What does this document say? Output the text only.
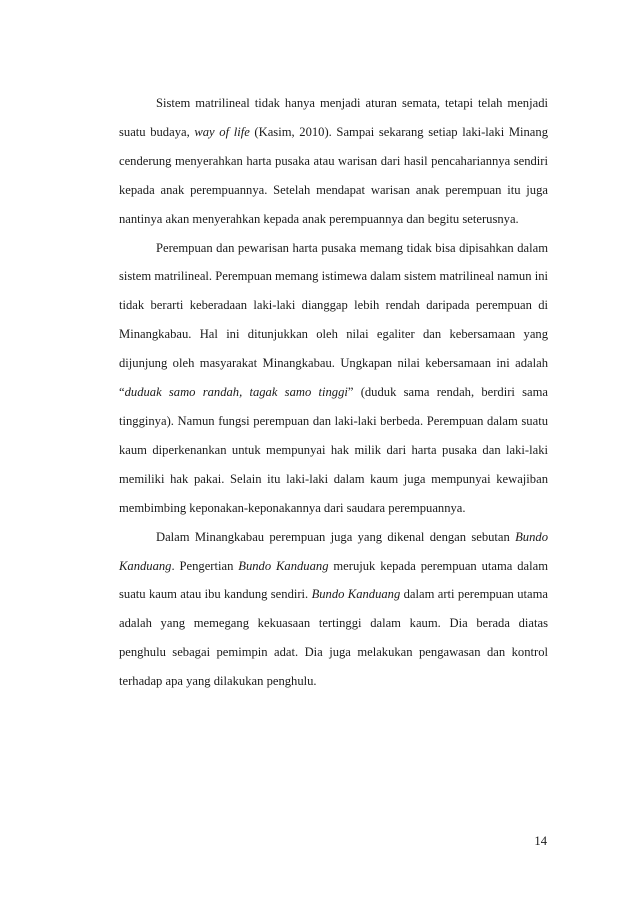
Sistem matrilineal tidak hanya menjadi aturan semata, tetapi telah menjadi suatu budaya, way of life (Kasim, 2010). Sampai sekarang setiap laki-laki Minang cenderung menyerahkan harta pusaka atau warisan dari hasil pencahariannya sendiri kepada anak perempuannya. Setelah mendapat warisan anak perempuan itu juga nantinya akan menyerahkan kepada anak perempuannya dan begitu seterusnya.

Perempuan dan pewarisan harta pusaka memang tidak bisa dipisahkan dalam sistem matrilineal. Perempuan memang istimewa dalam sistem matrilineal namun ini tidak berarti keberadaan laki-laki dianggap lebih rendah daripada perempuan di Minangkabau. Hal ini ditunjukkan oleh nilai egaliter dan kebersamaan yang dijunjung oleh masyarakat Minangkabau. Ungkapan nilai kebersamaan ini adalah “duduak samo randah, tagak samo tinggi” (duduk sama rendah, berdiri sama tingginya). Namun fungsi perempuan dan laki-laki berbeda. Perempuan dalam suatu kaum diperkenankan untuk mempunyai hak milik dari harta pusaka dan laki-laki memiliki hak pakai. Selain itu laki-laki dalam kaum juga mempunyai kewajiban membimbing keponakan-keponakannya dari saudara perempuannya.

Dalam Minangkabau perempuan juga yang dikenal dengan sebutan Bundo Kanduang. Pengertian Bundo Kanduang merujuk kepada perempuan utama dalam suatu kaum atau ibu kandung sendiri. Bundo Kanduang dalam arti perempuan utama adalah yang memegang kekuasaan tertinggi dalam kaum. Dia berada diatas penghulu sebagai pemimpin adat. Dia juga melakukan pengawasan dan kontrol terhadap apa yang dilakukan penghulu.

14
